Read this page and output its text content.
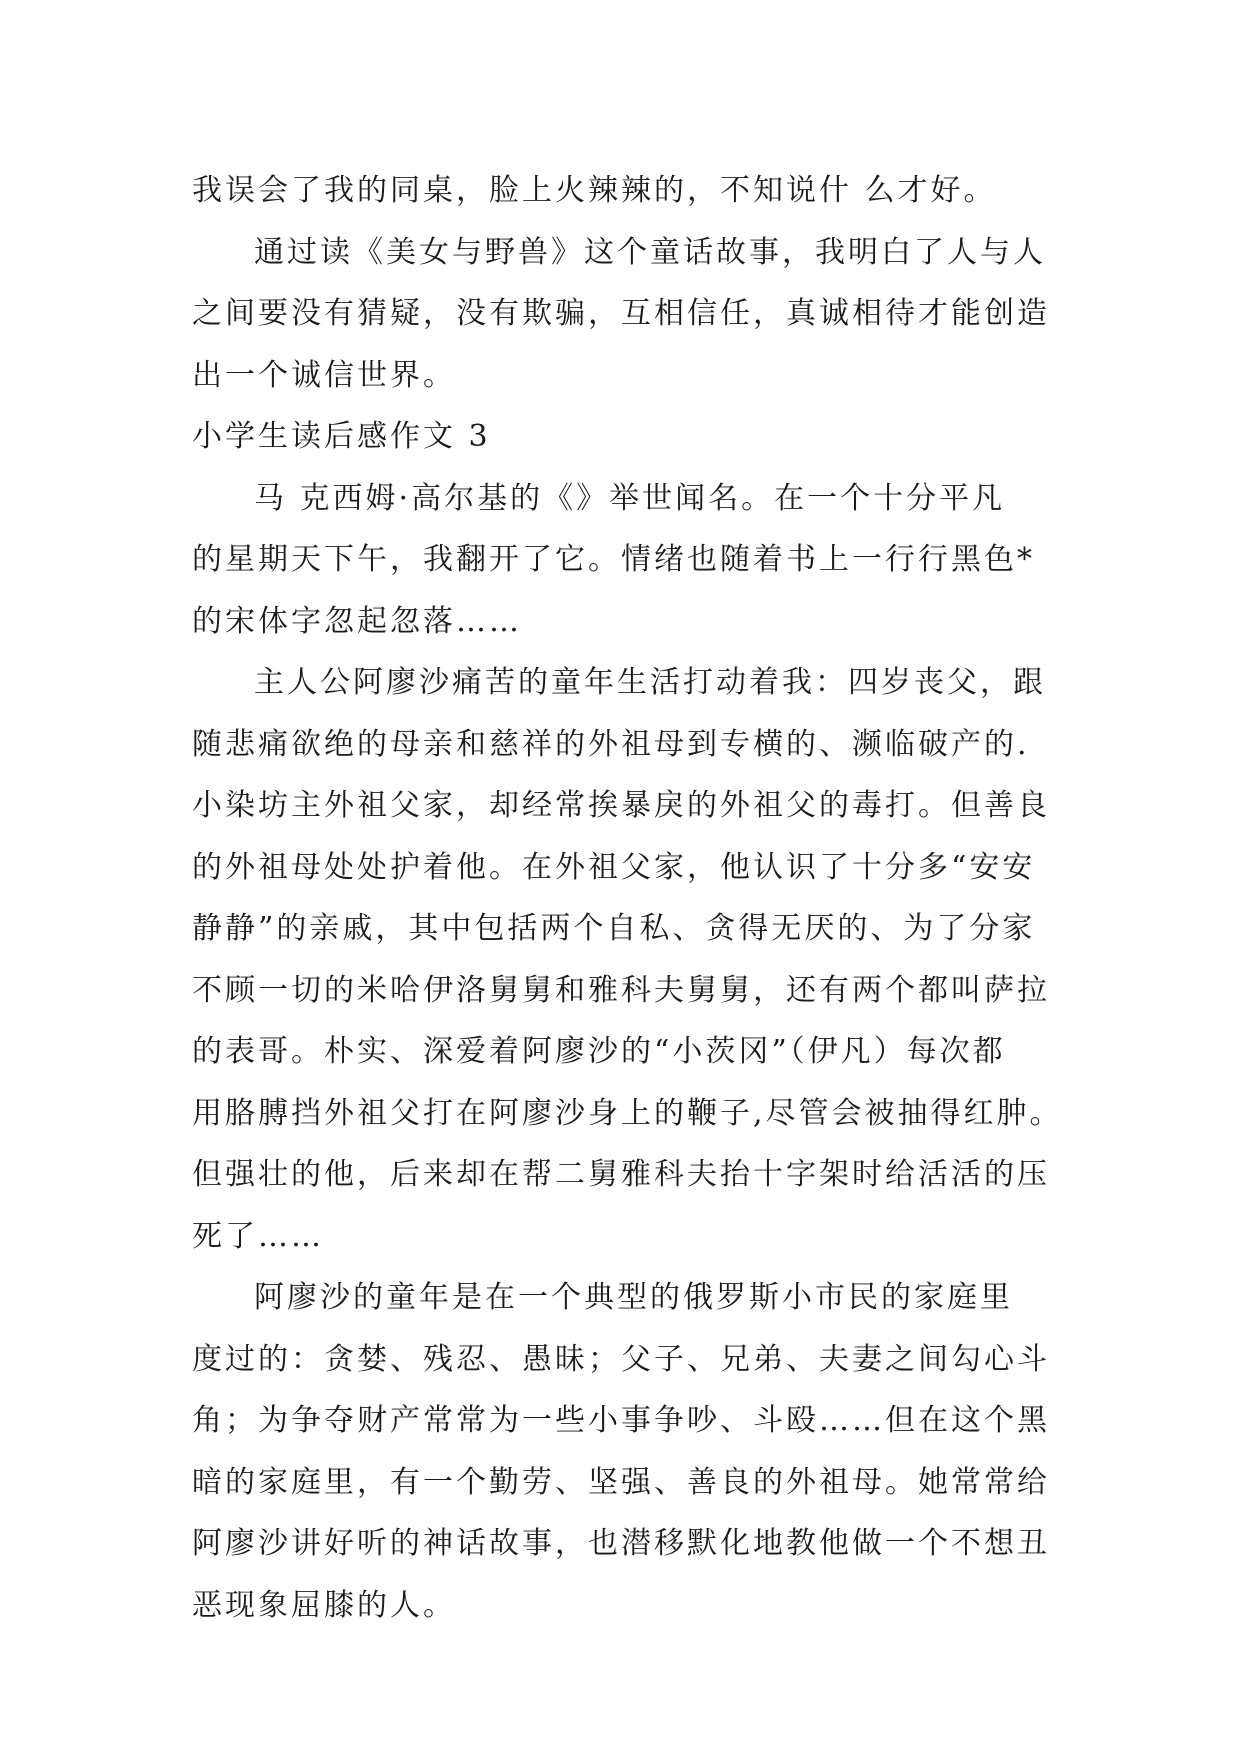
我误会了我的同桌，脸上火辣辣的，不知说什 么才好。
通过读《美女与野兽》这个童话故事，我明白了人与人
之间要没有猜疑，没有欺骗，互相信任，真诚相待才能创造
出一个诚信世界。
小学生读后感作文 3
马 克西姆·高尔基的《》举世闻名。在一个十分平凡
的星期天下午，我翻开了它。情绪也随着书上一行行黑色*
的宋体字忽起忽落……
主人公阿廖沙痛苦的童年生活打动着我：四岁丧父，跟
随悲痛欲绝的母亲和慈祥的外祖母到专横的、濒临破产的.
小染坊主外祖父家，却经常挨暴戾的外祖父的毒打。但善良
的外祖母处处护着他。在外祖父家，他认识了十分多“安安
静静”的亲戚，其中包括两个自私、贪得无厌的、为了分家
不顾一切的米哈伊洛舅舅和雅科夫舅舅，还有两个都叫萨拉
的表哥。朴实、深爱着阿廖沙的“小茨冈”（伊凡）每次都
用胳膊挡外祖父打在阿廖沙身上的鞭子,尽管会被抽得红肿。
但强壮的他，后来却在帮二舅雅科夫抬十字架时给活活的压
死了……
阿廖沙的童年是在一个典型的俄罗斯小市民的家庭里
度过的：贪婪、残忍、愚昧；父子、兄弟、夫妻之间勾心斗
角；为争夺财产常常为一些小事争吵、斗殴……但在这个黑
暗的家庭里，有一个勤劳、坚强、善良的外祖母。她常常给
阿廖沙讲好听的神话故事，也潜移默化地教他做一个不想丑
恶现象屈膝的人。
